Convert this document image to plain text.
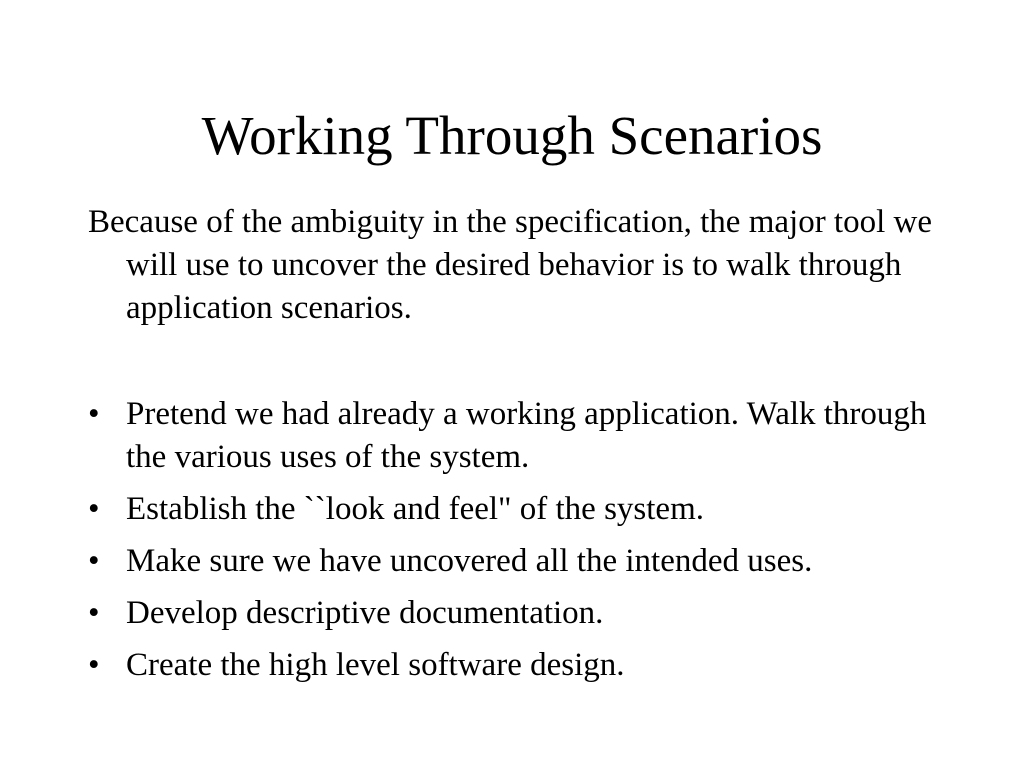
Working Through Scenarios

Because of the ambiguity in the specification, the major tool we will use to uncover the desired behavior is to walk through application scenarios.

• Pretend we had already a working application. Walk through the various uses of the system.
• Establish the ``look and feel" of the system.
• Make sure we have uncovered all the intended uses.
• Develop descriptive documentation.
• Create the high level software design.
